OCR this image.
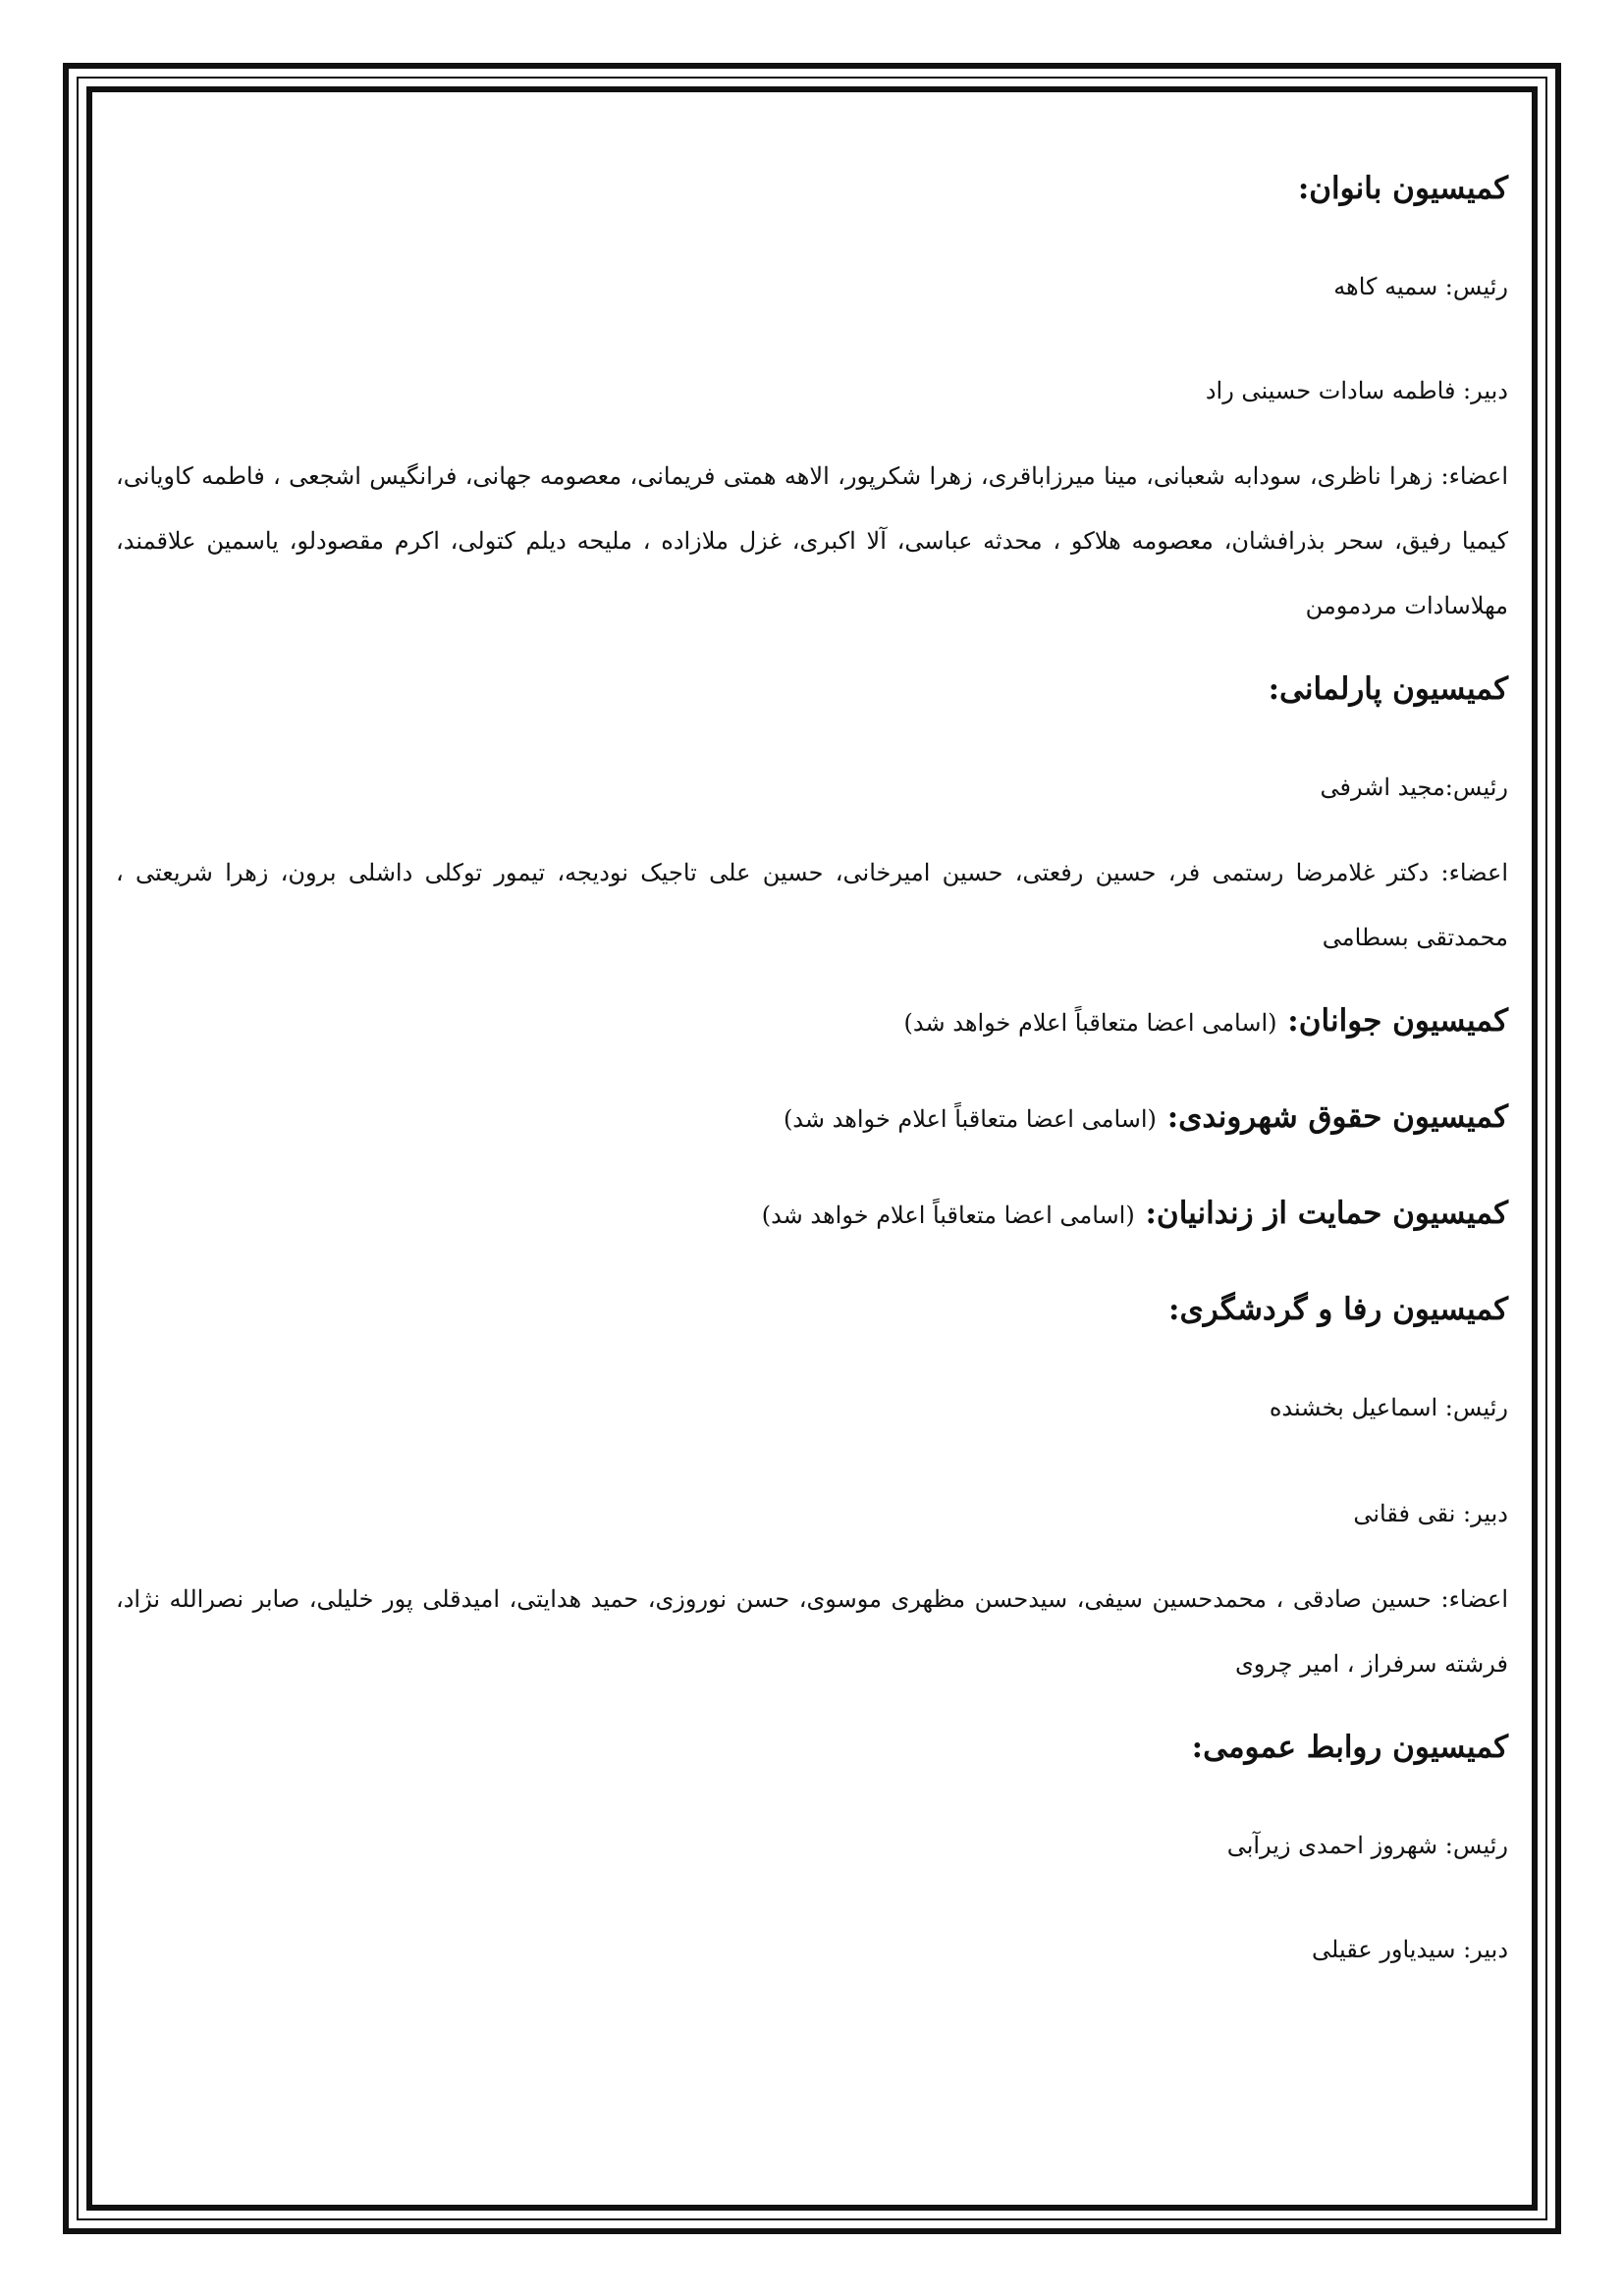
کمیسیون بانوان:

رئیس: سمیه کاهه

دبیر: فاطمه سادات حسینی راد

اعضاء: زهرا ناظری، سودابه شعبانی، مینا میرزاباقری، زهرا شکرپور، الاهه همتی فریمانی، معصومه جهانی، فرانگیس اشجعی ، فاطمه کاویانی، کیمیا رفیق، سحر بذرافشان، معصومه هلاکو ، محدثه عباسی، آلا اکبری، غزل ملازاده ، ملیحه دیلم کتولی، اکرم مقصودلو، یاسمین علاقمند، مهلاسادات مردمومن

کمیسیون پارلمانی:

رئیس:مجید اشرفی

اعضاء: دکتر غلامرضا رستمی فر، حسین رفعتی، حسین امیرخانی، حسین علی تاجیک نودیجه، تیمور توکلی داشلی برون، زهرا شریعتی ، محمدتقی بسطامی

کمیسیون جوانان: (اسامی اعضا متعاقباً اعلام خواهد شد)
کمیسیون حقوق شهروندی: (اسامی اعضا متعاقباً اعلام خواهد شد)
کمیسیون حمایت از زندانیان: (اسامی اعضا متعاقباً اعلام خواهد شد)
کمیسیون رفا و گردشگری:

رئیس: اسماعیل بخشنده

دبیر: نقی فقانی

اعضاء: حسین صادقی ، محمدحسین سیفی، سیدحسن مظهری موسوی، حسن نوروزی، حمید هدایتی، امیدقلی پور خلیلی، صابر نصرالله نژاد، فرشته سرفراز ، امیر چروی

کمیسیون روابط عمومی:

رئیس: شهروز احمدی زیرآبی

دبیر: سیدیاور عقیلی
